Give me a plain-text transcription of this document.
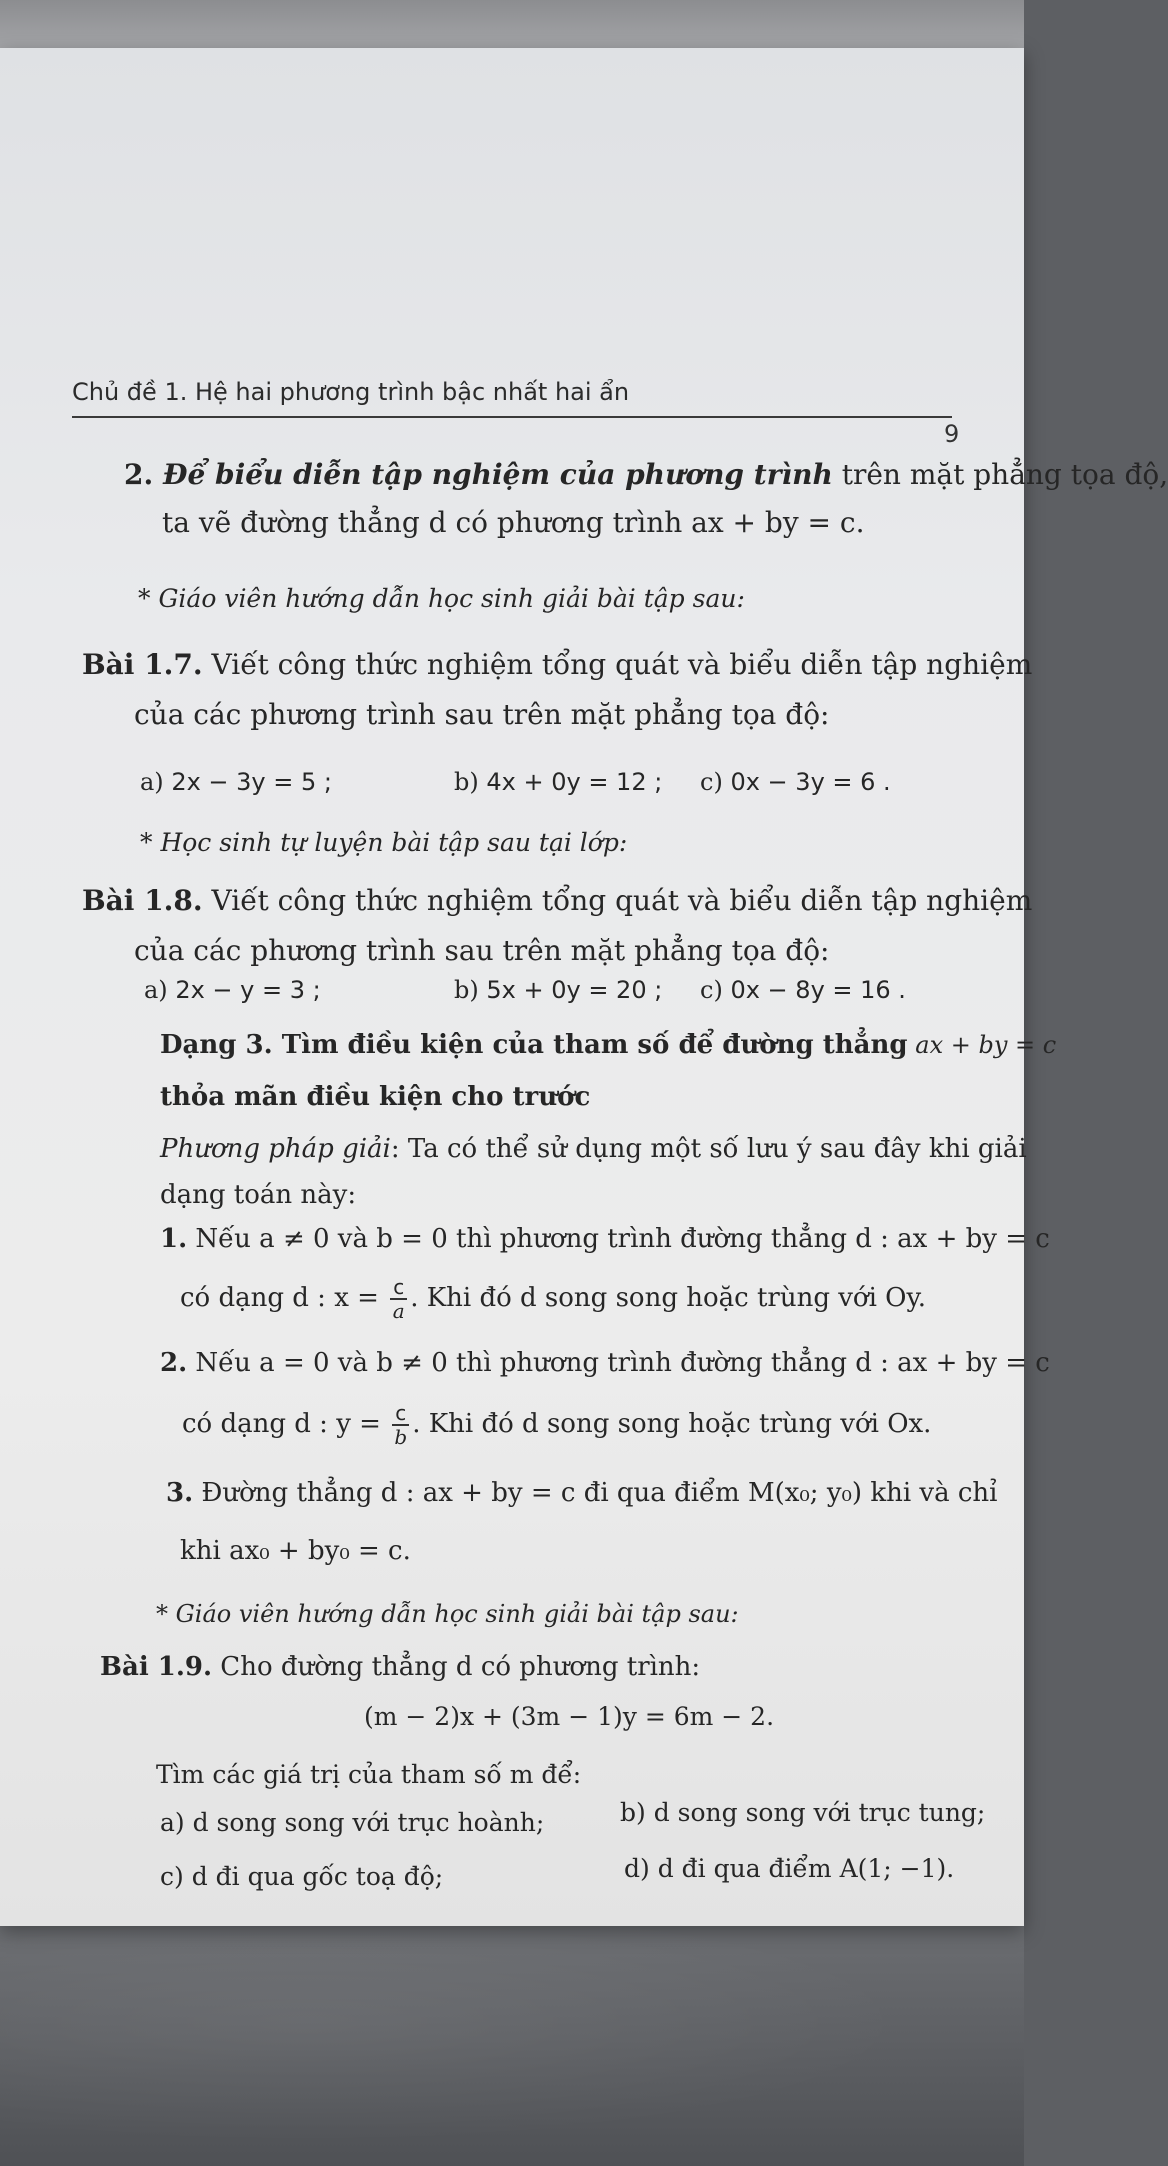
Chủ đề 1. Hệ hai phương trình bậc nhất hai ẩn
9
2. Để biểu diễn tập nghiệm của phương trình trên mặt phẳng tọa độ,
ta vẽ đường thẳng d có phương trình ax + by = c.
* Giáo viên hướng dẫn học sinh giải bài tập sau:
Bài 1.7. Viết công thức nghiệm tổng quát và biểu diễn tập nghiệm
của các phương trình sau trên mặt phẳng tọa độ:
a) 2x − 3y = 5 ;	b) 4x + 0y = 12 ; c) 0x − 3y = 6 .
* Học sinh tự luyện bài tập sau tại lớp:
Bài 1.8. Viết công thức nghiệm tổng quát và biểu diễn tập nghiệm
của các phương trình sau trên mặt phẳng tọa độ:
a) 2x − y = 3 ;	b) 5x + 0y = 20 ; c) 0x − 8y = 16 .
Dạng 3. Tìm điều kiện của tham số để đường thẳng ax + by = c
thỏa mãn điều kiện cho trước
Phương pháp giải: Ta có thể sử dụng một số lưu ý sau đây khi giải
dạng toán này:
1. Nếu a ≠ 0 và b = 0 thì phương trình đường thẳng d : ax + by = c
có dạng d : $x = \frac{c}{a}$ . Khi đó d song song hoặc trùng với Oy.
2. Nếu a = 0 và b ≠ 0 thì phương trình đường thẳng d : ax + by = c
có dạng d : $y = \frac{c}{b}$ . Khi đó d song song hoặc trùng với Ox.
3. Đường thẳng d : ax + by = c đi qua điểm M(x₀; y₀) khi và chỉ
khi ax₀ + by₀ = c.
* Giáo viên hướng dẫn học sinh giải bài tập sau:
Bài 1.9. Cho đường thẳng d có phương trình:
(m − 2)x + (3m − 1)y = 6m − 2.
Tìm các giá trị của tham số m để:
a) d song song với trục hoành;	b) d song song với trục tung;
c) d đi qua gốc toạ độ;	d) d đi qua điểm A(1; −1).
